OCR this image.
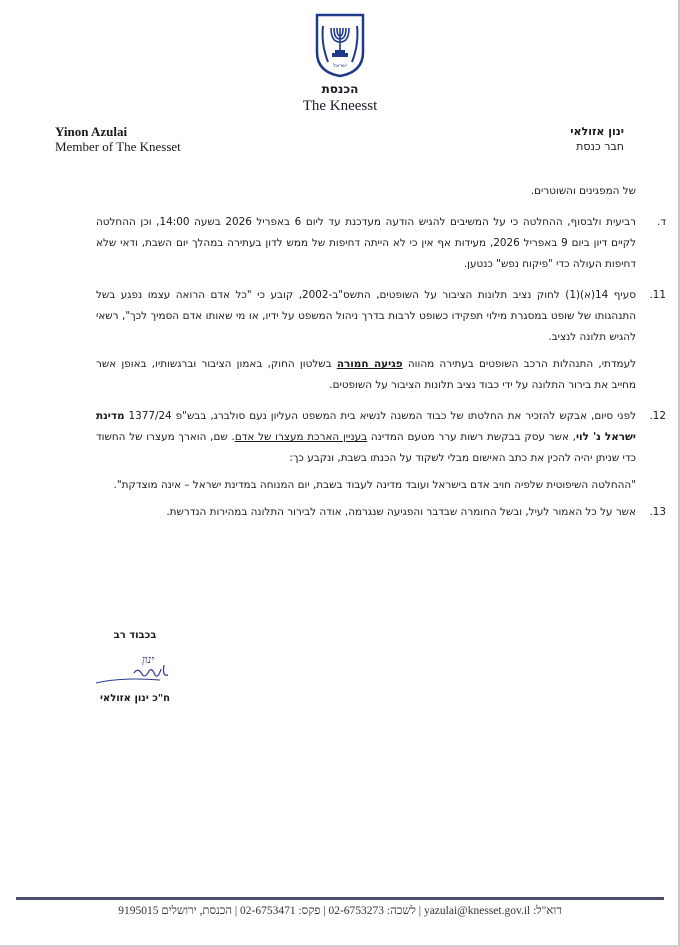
ישראל
הכנסת
The Kneesst
Yinon Azulai
Member of The Knesset
ינון אזולאי
חבר כנסת

של המפגינים והשוטרים.

ד.
רביעית ולבסוף, ההחלטה כי על המשיבים להגיש הודעה מעדכנת עד ליום 6 באפריל 2026 בשעה 14:00, וכן ההחלטה לקיים דיון ביום 9 באפריל 2026, מעידות אף אין כי לא הייתה דחיפות של ממש לדון בעתירה במהלך יום השבת, ודאי שלא דחיפות העולה כדי "פיקוח נפש" כנטען.

11.
סעיף 14(א)(1) לחוק נציב תלונות הציבור על השופטים, התשס"ב-2002, קובע כי "כל אדם הרואה עצמו נפגע בשל התנהגותו של שופט במסגרת מילוי תפקידו כשופט לרבות בדרך ניהול המשפט על ידיו, או מי שאותו אדם הסמיך לכך", רשאי להגיש תלונה לנציב.

לעמדתי, התנהלות הרכב השופטים בעתירה מהווה פגיעה חמורה בשלטון החוק, באמון הציבור וברגשותיו, באופן אשר מחייב את בירור התלונה על ידי כבוד נציב תלונות הציבור על השופטים.

12.
לפני סיום, אבקש להזכיר את החלטתו של כבוד המשנה לנשיא בית המשפט העליון נעם סולברג, בבש"פ 1377/24 מדינת ישראל נ' לוי, אשר עסק בבקשת רשות ערר מטעם המדינה בעניין הארכת מעצרו של אדם. שם, הוארך מעצרו של החשוד כדי שניתן יהיה להכין את כתב האישום מבלי לשקוד על הכנתו בשבת, ונקבע כך:

"ההחלטה השיפוטית שלפיה חויב אדם בישראל ועובד מדינה לעבוד בשבת, יום המנוחה במדינת ישראל – אינה מוצדקת".

13.
אשר על כל האמור לעיל, ובשל החומרה שבדבר והפגיעה שנגרמה, אודה לבירור התלונה במהירות הנדרשת.

בכבוד רב
ינון
ח"כ ינון אזולאי
דוא"ל: yazulai@knesset.gov.il | לשכה: 02-6753273 | פקס: 02-6753471 | הכנסת, ירושלים 9195015
